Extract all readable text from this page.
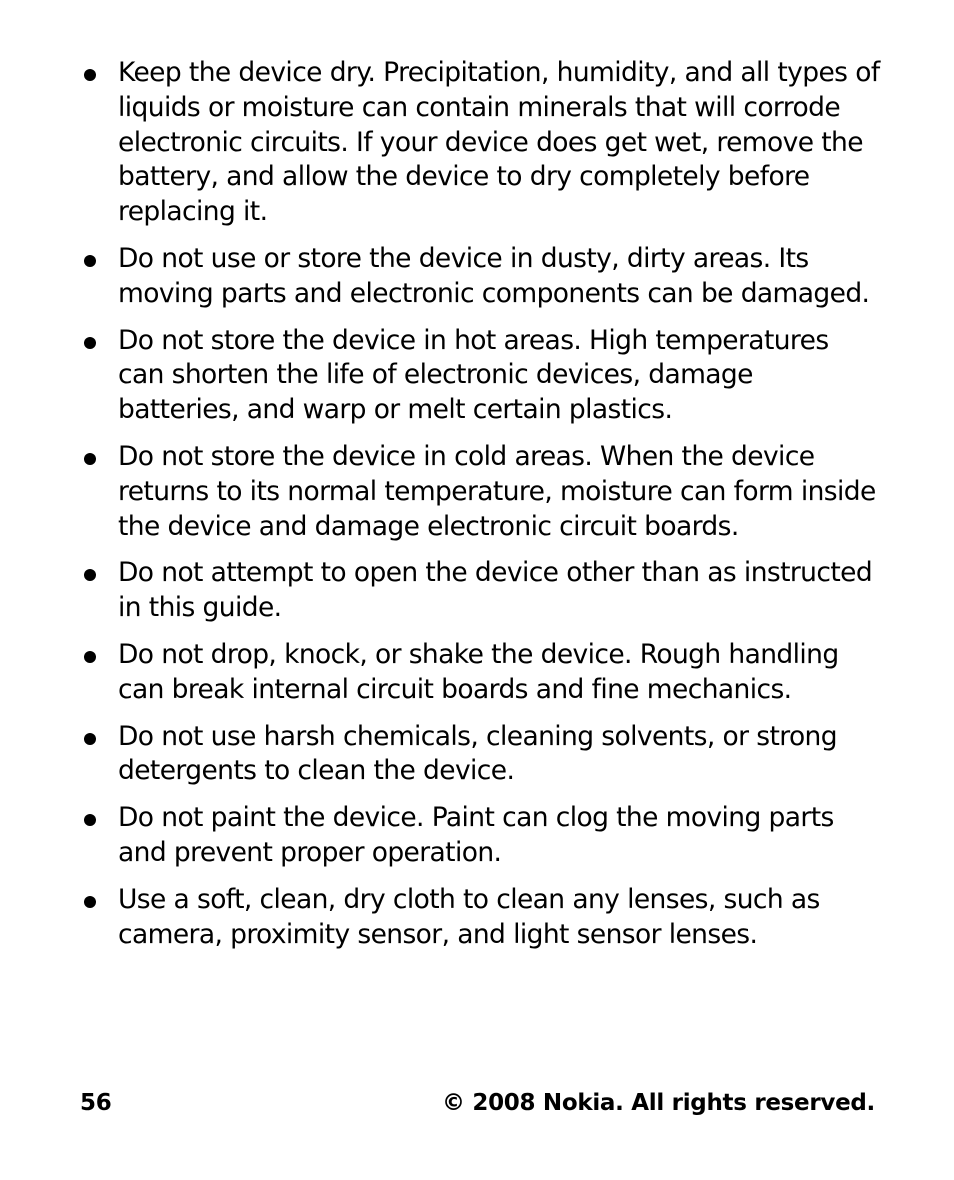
Keep the device dry. Precipitation, humidity, and all types of liquids or moisture can contain minerals that will corrode electronic circuits. If your device does get wet, remove the battery, and allow the device to dry completely before replacing it.
Do not use or store the device in dusty, dirty areas. Its moving parts and electronic components can be damaged.
Do not store the device in hot areas. High temperatures can shorten the life of electronic devices, damage batteries, and warp or melt certain plastics.
Do not store the device in cold areas. When the device returns to its normal temperature, moisture can form inside the device and damage electronic circuit boards.
Do not attempt to open the device other than as instructed in this guide.
Do not drop, knock, or shake the device. Rough handling can break internal circuit boards and fine mechanics.
Do not use harsh chemicals, cleaning solvents, or strong detergents to clean the device.
Do not paint the device. Paint can clog the moving parts and prevent proper operation.
Use a soft, clean, dry cloth to clean any lenses, such as camera, proximity sensor, and light sensor lenses.
56	© 2008 Nokia. All rights reserved.
